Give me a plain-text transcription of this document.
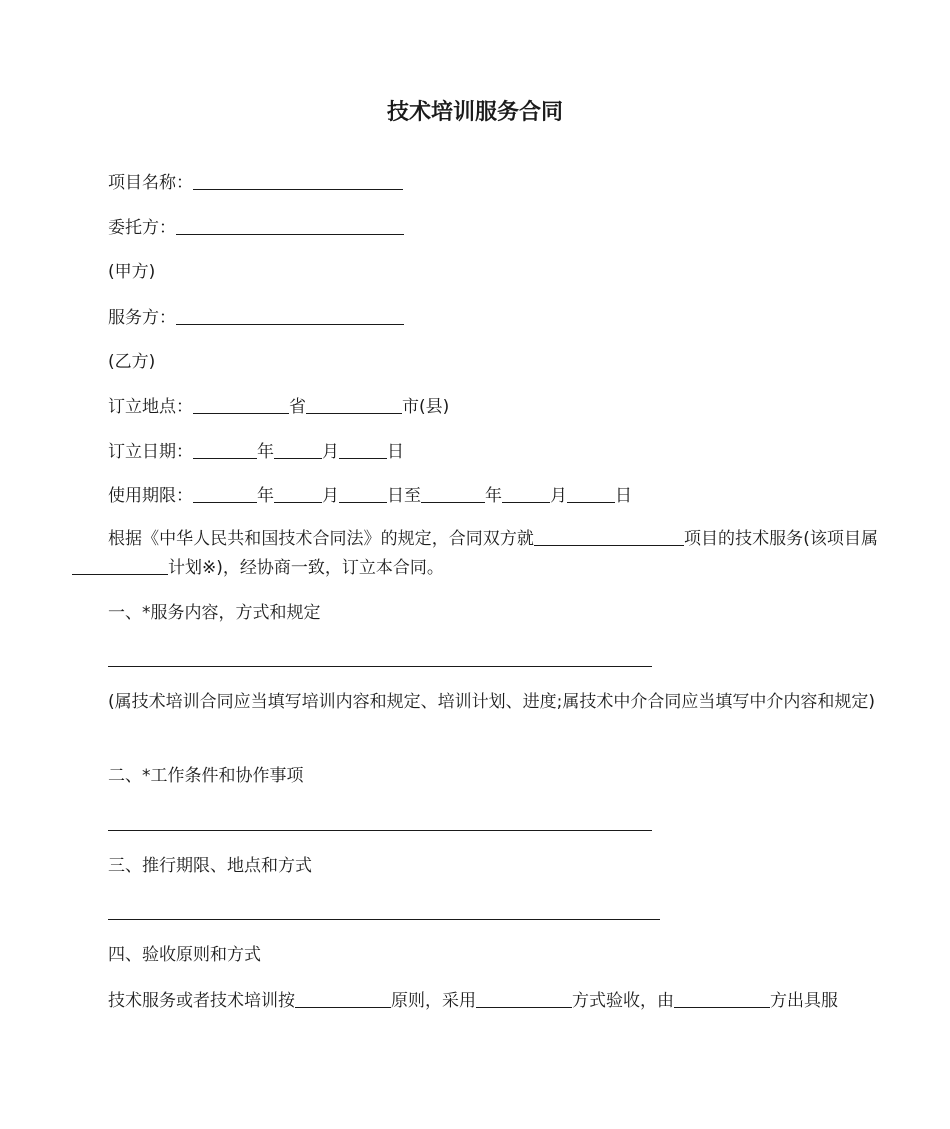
技术培训服务合同
项目名称：
委托方：
(甲方)
服务方：
(乙方)
订立地点：	省	市(县)
订立日期：	年	月	日
使用期限：	年	月	日至	年	月	日
根据《中华人民共和国技术合同法》的规定，合同双方就	项目的技术服务(该项目属计划※)，经协商一致，订立本合同。
一、*服务内容，方式和规定
(属技术培训合同应当填写培训内容和规定、培训计划、进度;属技术中介合同应当填写中介内容和规定)
二、*工作条件和协作事项
三、推行期限、地点和方式
四、验收原则和方式
技术服务或者技术培训按	原则，采用	方式验收，由	方出具服
